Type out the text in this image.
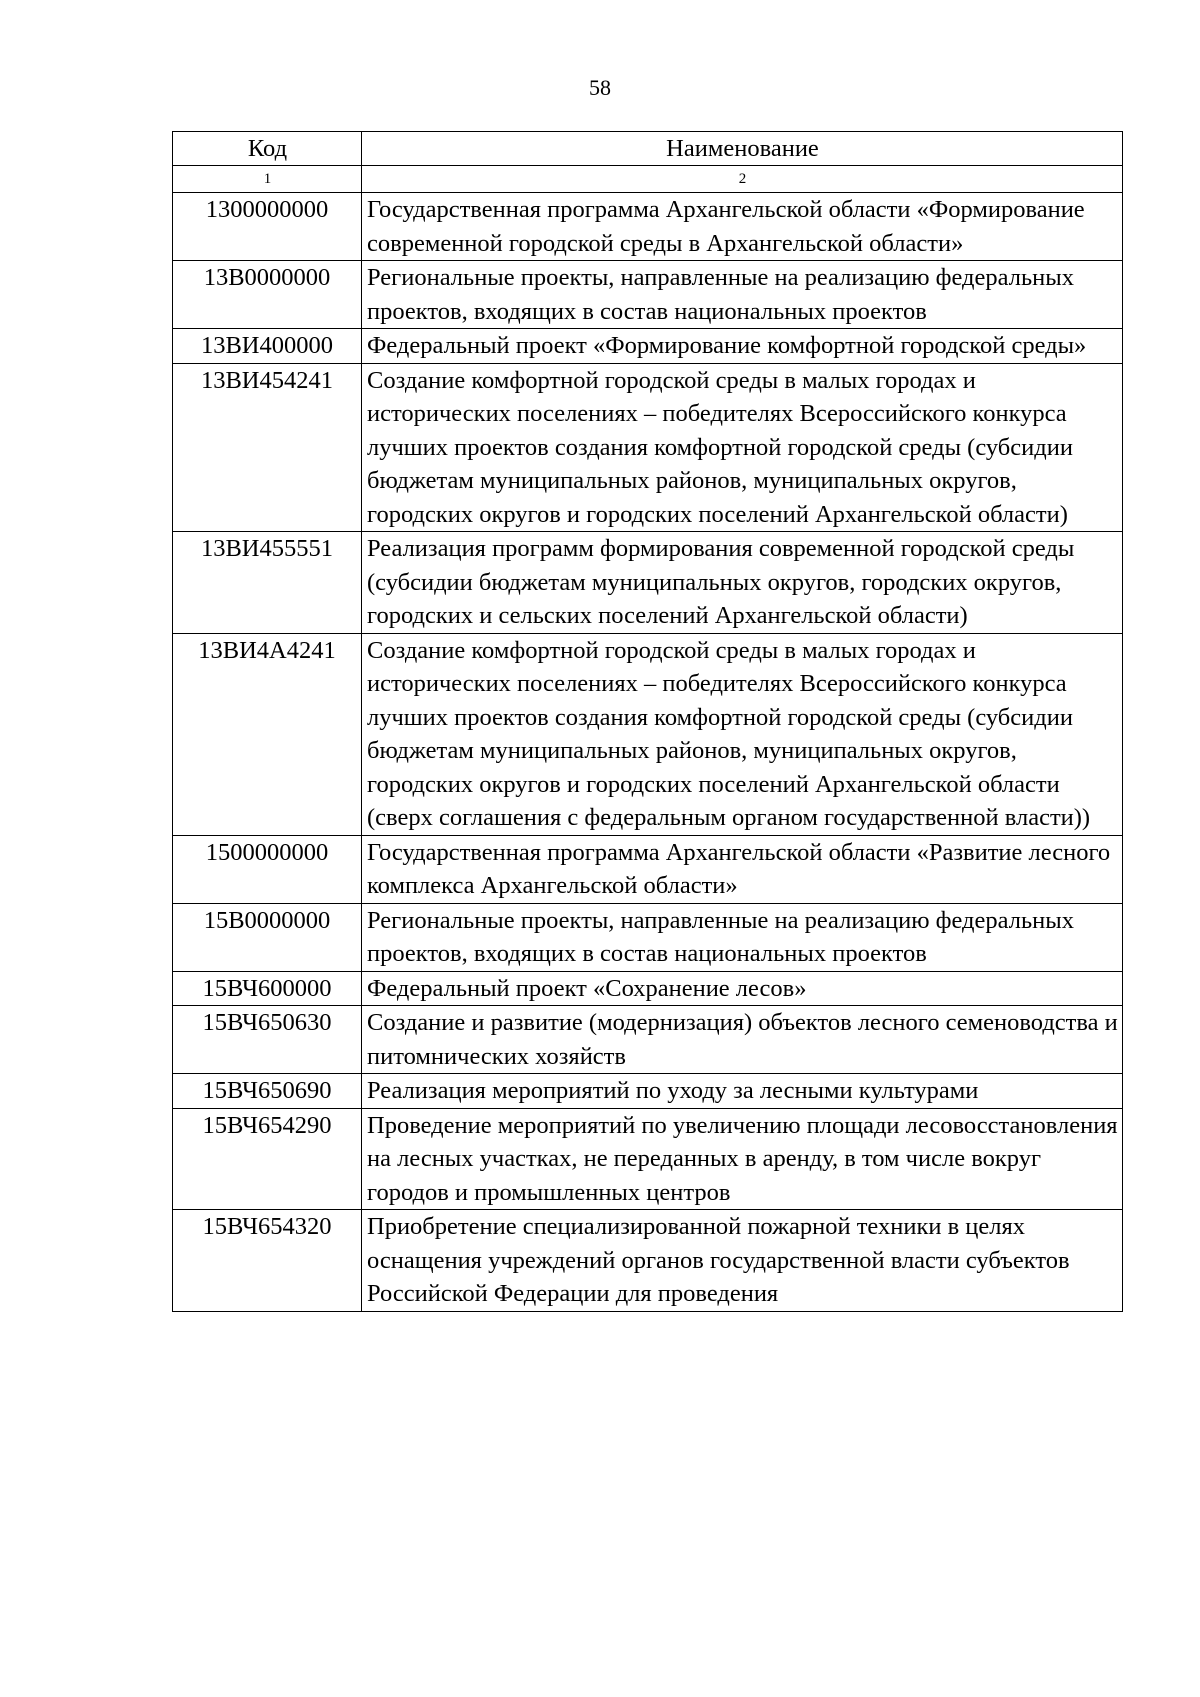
58
Код	Наименование
1	2
1300000000	Государственная программа Архангельской области «Формирование современной городской среды в Архангельской области»
13В0000000	Региональные проекты, направленные на реализацию федеральных проектов, входящих в состав национальных проектов
13ВИ400000	Федеральный проект «Формирование комфортной городской среды»
13ВИ454241	Создание комфортной городской среды в малых городах и исторических поселениях – победителях Всероссийского конкурса лучших проектов создания комфортной городской среды (субсидии бюджетам муниципальных районов, муниципальных округов, городских округов и городских поселений Архангельской области)
13ВИ455551	Реализация программ формирования современной городской среды (субсидии бюджетам муниципальных округов, городских округов, городских и сельских поселений Архангельской области)
13ВИ4А4241	Создание комфортной городской среды в малых городах и исторических поселениях – победителях Всероссийского конкурса лучших проектов создания комфортной городской среды (субсидии бюджетам муниципальных районов, муниципальных округов, городских округов и городских поселений Архангельской области (сверх соглашения с федеральным органом государственной власти))
1500000000	Государственная программа Архангельской области «Развитие лесного комплекса Архангельской области»
15В0000000	Региональные проекты, направленные на реализацию федеральных проектов, входящих в состав национальных проектов
15ВЧ600000	Федеральный проект «Сохранение лесов»
15ВЧ650630	Создание и развитие (модернизация) объектов лесного семеноводства и питомнических хозяйств
15ВЧ650690	Реализация мероприятий по уходу за лесными культурами
15ВЧ654290	Проведение мероприятий по увеличению площади лесовосстановления на лесных участках, не переданных в аренду, в том числе вокруг городов и промышленных центров
15ВЧ654320	Приобретение специализированной пожарной техники в целях оснащения учреждений органов государственной власти субъектов Российской Федерации для проведения
